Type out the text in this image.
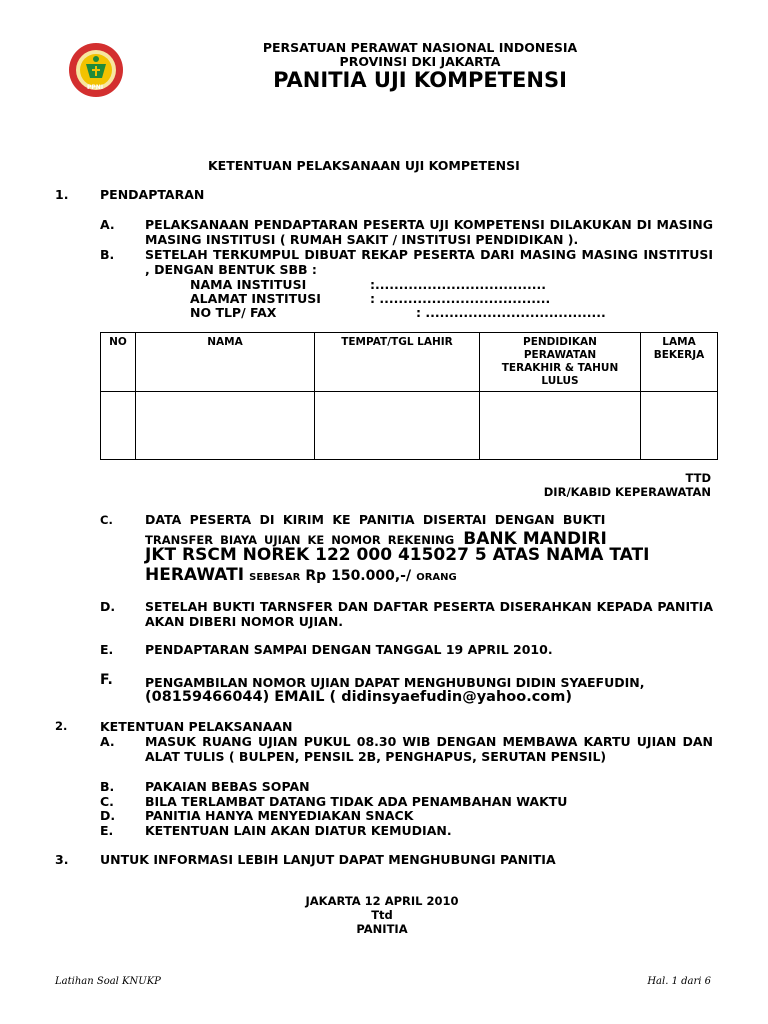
PPNI
PERSATUAN PERAWAT NASIONAL INDONESIA
PROVINSI DKI JAKARTA
PANITIA UJI KOMPETENSI
KETENTUAN PELAKSANAAN UJI KOMPETENSI
1.	PENDAPTARAN
A. PELAKSANAAN PENDAPTARAN PESERTA UJI KOMPETENSI DILAKUKAN DI MASING MASING INSTITUSI ( RUMAH SAKIT / INSTITUSI PENDIDIKAN ).
B. SETELAH TERKUMPUL DIBUAT REKAP PESERTA DARI MASING MASING INSTITUSI , DENGAN BENTUK SBB :
NAMA INSTITUSI	:....................................
ALAMAT INSTITUSI	: ....................................
NO TLP/ FAX	: ......................................
NO	NAMA	TEMPAT/TGL LAHIR	PENDIDIKAN PERAWATAN TERAKHIR & TAHUN LULUS	LAMA BEKERJA

TTD
DIR/KABID KEPERAWATAN
C.	DATA PESERTA DI KIRIM KE PANITIA DISERTAI DENGAN BUKTI
TRANSFER BIAYA UJIAN KE NOMOR REKENING BANK MANDIRI
JKT RSCM NOREK 122 000 415027 5 ATAS NAMA TATI
HERAWATI SEBESAR Rp 150.000,-/ ORANG
D. SETELAH BUKTI TARNSFER DAN DAFTAR PESERTA DISERAHKAN KEPADA PANITIA AKAN DIBERI NOMOR UJIAN.
E.	PENDAPTARAN SAMPAI DENGAN TANGGAL 19 APRIL 2010.
F.	PENGAMBILAN NOMOR UJIAN DAPAT MENGHUBUNGI DIDIN SYAEFUDIN,
(08159466044) EMAIL ( didinsyaefudin@yahoo.com)
2.	KETENTUAN PELAKSANAAN
A. MASUK RUANG UJIAN PUKUL 08.30 WIB DENGAN MEMBAWA KARTU UJIAN DAN ALAT TULIS ( BULPEN, PENSIL 2B, PENGHAPUS, SERUTAN PENSIL)
B. PAKAIAN BEBAS SOPAN
C. BILA TERLAMBAT DATANG TIDAK ADA PENAMBAHAN WAKTU
D. PANITIA HANYA MENYEDIAKAN SNACK
E.	KETENTUAN LAIN AKAN DIATUR KEMUDIAN.
3.	UNTUK INFORMASI LEBIH LANJUT DAPAT MENGHUBUNGI PANITIA
JAKARTA 12 APRIL 2010
Ttd
PANITIA
Latihan Soal KNUKP	Hal. 1 dari 6
